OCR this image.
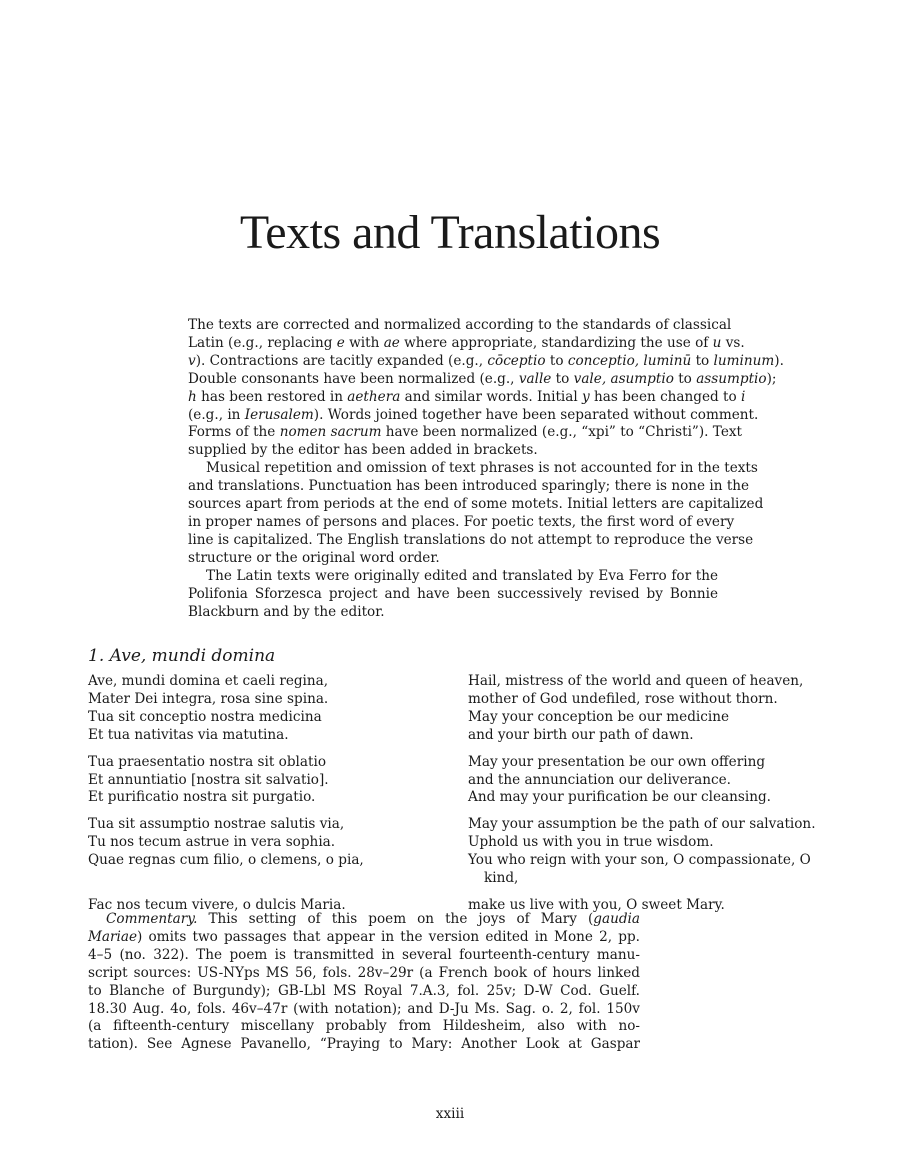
Texts and Translations
The texts are corrected and normalized according to the standards of classical
Latin (e.g., replacing e with ae where appropriate, standardizing the use of u vs.
v). Contractions are tacitly expanded (e.g., cōceptio to conceptio, luminū to luminum).
Double consonants have been normalized (e.g., valle to vale, asumptio to assumptio);
h has been restored in aethera and similar words. Initial y has been changed to i
(e.g., in Ierusalem). Words joined together have been separated without comment.
Forms of the nomen sacrum have been normalized (e.g., “xpi” to “Christi”). Text
supplied by the editor has been added in brackets.
Musical repetition and omission of text phrases is not accounted for in the texts
and translations. Punctuation has been introduced sparingly; there is none in the
sources apart from periods at the end of some motets. Initial letters are capitalized
in proper names of persons and places. For poetic texts, the first word of every
line is capitalized. The English translations do not attempt to reproduce the verse
structure or the original word order.
The Latin texts were originally edited and translated by Eva Ferro for the
Polifonia Sforzesca project and have been successively revised by Bonnie
Blackburn and by the editor.
1. Ave, mundi domina
Ave, mundi domina et caeli regina,
Mater Dei integra, rosa sine spina.
Tua sit conceptio nostra medicina
Et tua nativitas via matutina.
Tua praesentatio nostra sit oblatio
Et annuntiatio [nostra sit salvatio].
Et purificatio nostra sit purgatio.
Tua sit assumptio nostrae salutis via,
Tu nos tecum astrue in vera sophia.
Quae regnas cum filio, o clemens, o pia,

Fac nos tecum vivere, o dulcis Maria.
Hail, mistress of the world and queen of heaven,
mother of God undefiled, rose without thorn.
May your conception be our medicine
and your birth our path of dawn.
May your presentation be our own offering
and the annunciation our deliverance.
And may your purification be our cleansing.
May your assumption be the path of our salvation.
Uphold us with you in true wisdom.
You who reign with your son, O compassionate, O
kind,
make us live with you, O sweet Mary.
Commentary. This setting of this poem on the joys of Mary (gaudia
Mariae) omits two passages that appear in the version edited in Mone 2, pp.
4–5 (no. 322). The poem is transmitted in several fourteenth-century manu-
script sources: US-NYps MS 56, fols. 28v–29r (a French book of hours linked
to Blanche of Burgundy); GB-Lbl MS Royal 7.A.3, fol. 25v; D-W Cod. Guelf.
18.30 Aug. 4o, fols. 46v–47r (with notation); and D-Ju Ms. Sag. o. 2, fol. 150v
(a fifteenth-century miscellany probably from Hildesheim, also with no-
tation). See Agnese Pavanello, “Praying to Mary: Another Look at Gaspar
xxiii
